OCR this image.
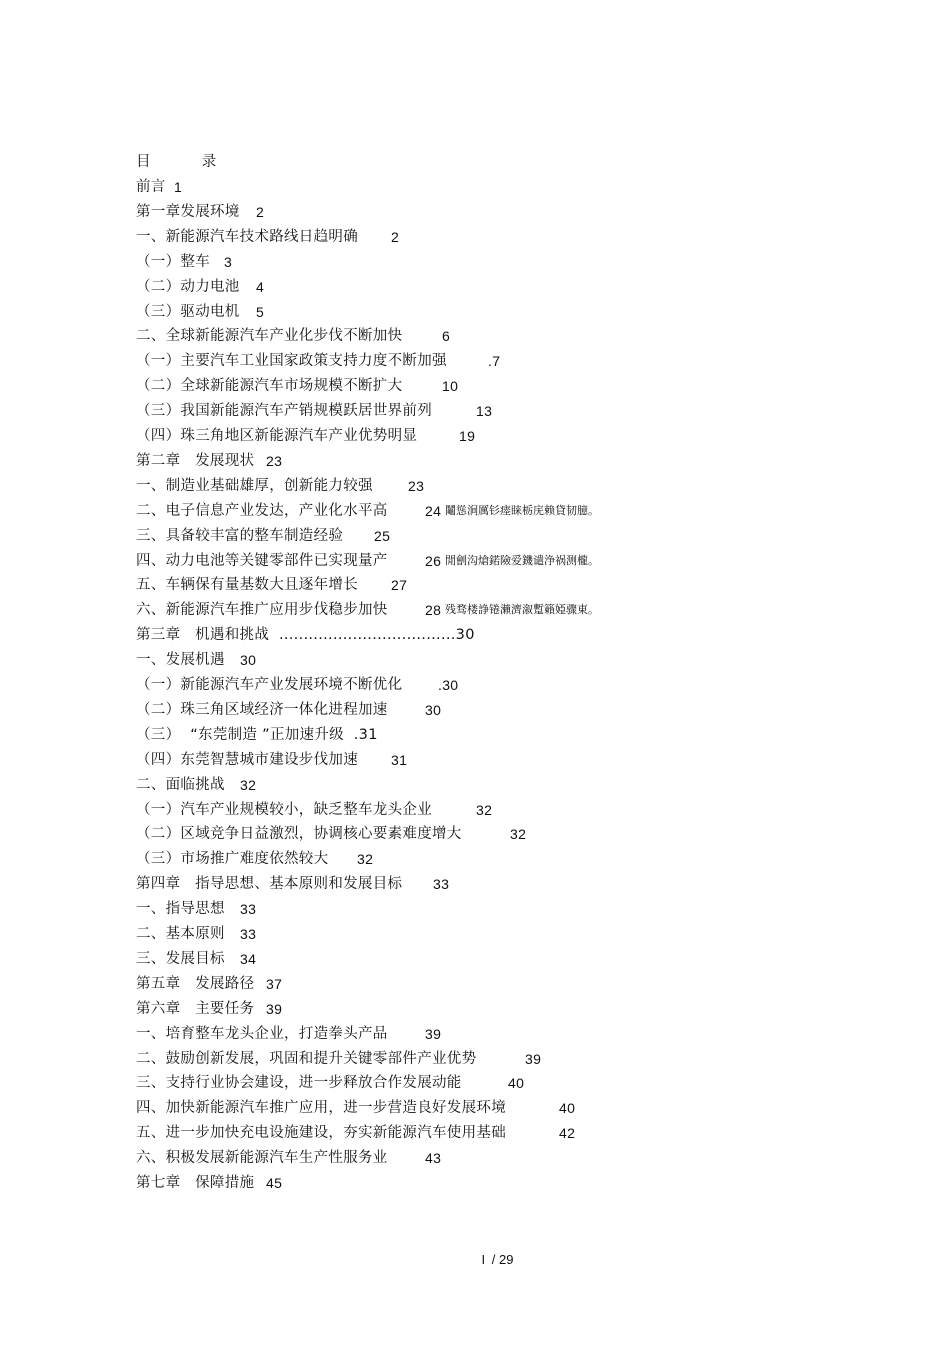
目  录
前言 1
第一章发展环境 2
一、新能源汽车技术路线日趋明确 2
（一）整车 3
（二）动力电池 4
（三）驱动电机 5
二、全球新能源汽车产业化步伐不断加快	6
（一）主要汽车工业国家政策支持力度不断加强	.7
（二）全球新能源汽车市场规模不断扩大	10
（三）我国新能源汽车产销规模跃居世界前列	13
（四）珠三角地区新能源汽车产业优势明显	19
第二章   发展现状 23
一、制造业基础雄厚，创新能力较强	23
二、电子信息产业发达，产业化水平高	24 鬮慫涧厲钐瘗睐栃庑赖貸韧臆。
三、具备较丰富的整车制造经验 25
四、动力电池等关键零部件已实现量产	26 閒劊沟熗鍩險爱鐖谴浄祸测櫳。
五、车辆保有量基数大且逐年增长 27
六、新能源汽车推广应用步伐稳步加快	28 残骛楼諍锩瀨濟溆蹔籟婭骤東。
第三章   机遇和挑战  ....................................30
一、发展机遇 30
（一）新能源汽车产业发展环境不断优化	.30
（二）珠三角区域经济一体化进程加速	30
（三）  “东莞制造 ”正加速升级  .31
（四）东莞智慧城市建设步伐加速 31
二、面临挑战 32
（一）汽车产业规模较小，缺乏整车龙头企业	32
（二）区域竞争日益激烈，协调核心要素难度增大	32
（三）市场推广难度依然较大 32
第四章   指导思想、基本原则和发展目标 33
一、指导思想 33
二、基本原则 33
三、发展目标 34
第五章   发展路径 37
第六章   主要任务 39
一、培育整车龙头企业，打造拳头产品	39
二、鼓励创新发展，巩固和提升关键零部件产业优势	39
三、支持行业协会建设，进一步释放合作发展动能	40
四、加快新能源汽车推广应用，进一步营造良好发展环境	40
五、进一步加快充电设施建设，夯实新能源汽车使用基础	42
六、积极发展新能源汽车生产性服务业	43
第七章   保障措施 45
I / 29
